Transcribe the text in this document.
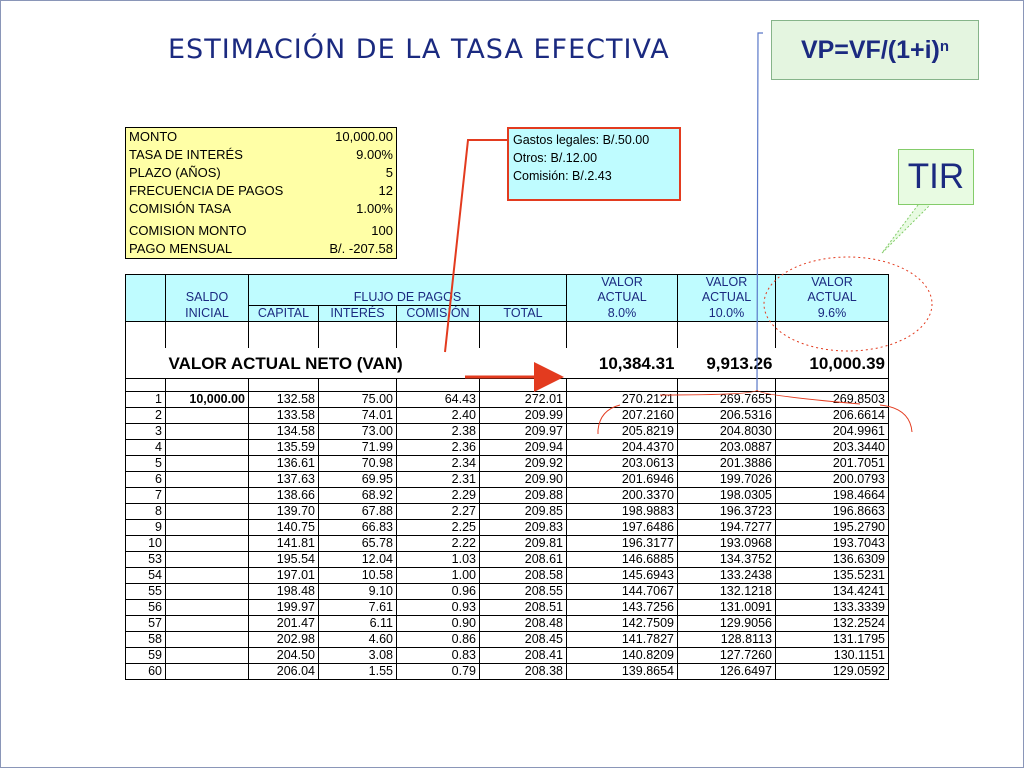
ESTIMACIÓN DE LA TASA EFECTIVA	$VP=VF/(1+i)^n$
TIR
MONTO	10,000.00
TASA DE INTERÉS	9.00%
PLAZO (AÑOS)	5
FRECUENCIA DE PAGOS	12
COMISIÓN TASA	1.00%
COMISION MONTO	100
PAGO MENSUAL	B/. -207.58
Gastos legales: B/.50.00
Otros: B/.12.00
Comisión: B/.2.43
						VALOR	VALOR	VALOR
	SALDO	FLUJO DE PAGOS				ACTUAL	ACTUAL	ACTUAL
	INICIAL	CAPITAL	INTERÉS	COMISIÓN	TOTAL	8.0%	10.0%	9.6%

	VALOR ACTUAL NETO (VAN)					10,384.31	9,913.26	10,000.39

1	10,000.00	132.58	75.00	64.43	272.01	270.2121	269.7655	269.8503
2		133.58	74.01	2.40	209.99	207.2160	206.5316	206.6614
3		134.58	73.00	2.38	209.97	205.8219	204.8030	204.9961
4		135.59	71.99	2.36	209.94	204.4370	203.0887	203.3440
5		136.61	70.98	2.34	209.92	203.0613	201.3886	201.7051
6		137.63	69.95	2.31	209.90	201.6946	199.7026	200.0793
7		138.66	68.92	2.29	209.88	200.3370	198.0305	198.4664
8		139.70	67.88	2.27	209.85	198.9883	196.3723	196.8663
9		140.75	66.83	2.25	209.83	197.6486	194.7277	195.2790
10		141.81	65.78	2.22	209.81	196.3177	193.0968	193.7043
53		195.54	12.04	1.03	208.61	146.6885	134.3752	136.6309
54		197.01	10.58	1.00	208.58	145.6943	133.2438	135.5231
55		198.48	9.10	0.96	208.55	144.7067	132.1218	134.4241
56		199.97	7.61	0.93	208.51	143.7256	131.0091	133.3339
57		201.47	6.11	0.90	208.48	142.7509	129.9056	132.2524
58		202.98	4.60	0.86	208.45	141.7827	128.8113	131.1795
59		204.50	3.08	0.83	208.41	140.8209	127.7260	130.1151
60		206.04	1.55	0.79	208.38	139.8654	126.6497	129.0592
